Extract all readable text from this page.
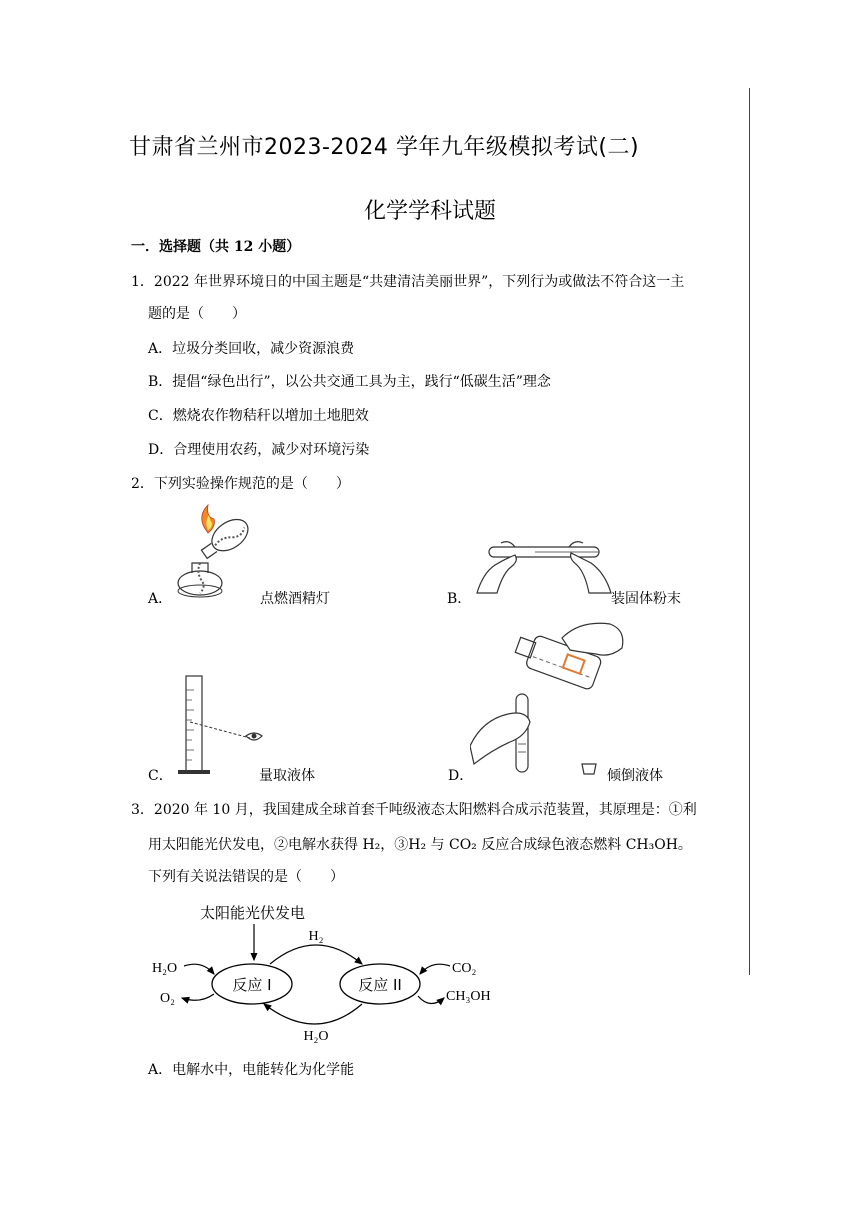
甘肃省兰州市2023-2024 学年九年级模拟考试(二)
化学学科试题
一．选择题（共 12 小题）
1．2022 年世界环境日的中国主题是“共建清洁美丽世界”，下列行为或做法不符合这一主
题的是（　　）
A．垃圾分类回收，减少资源浪费
B．提倡“绿色出行”，以公共交通工具为主，践行“低碳生活”理念
C．燃烧农作物秸秆以增加土地肥效
D．合理使用农药，减少对环境污染
2．下列实验操作规范的是（　　）
A．	点燃酒精灯	B．	装固体粉末
C．	量取液体	D．	倾倒液体
3．2020 年 10 月，我国建成全球首套千吨级液态太阳燃料合成示范装置，其原理是：①利
用太阳能光伏发电，②电解水获得 H₂，③H₂ 与 CO₂ 反应合成绿色液态燃料 CH₃OH。
下列有关说法错误的是（　　）
太阳能光伏发电
反应 I	反应 II
H₂
H₂O
H₂O
O₂
CO₂
CH₃OH
A．电解水中，电能转化为化学能
